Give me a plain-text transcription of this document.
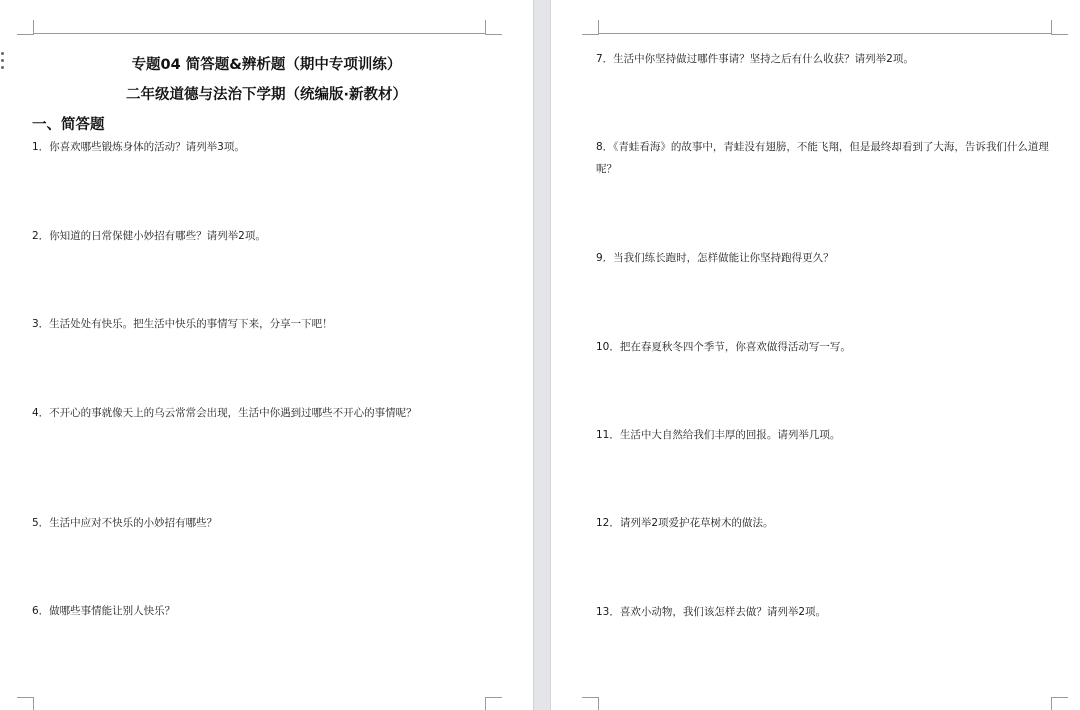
专题04 简答题&辨析题（期中专项训练）
二年级道德与法治下学期（统编版·新教材）
一、简答题
1．你喜欢哪些锻炼身体的活动？请列举3项。
2．你知道的日常保健小妙招有哪些？请列举2项。
3．生活处处有快乐。把生活中快乐的事情写下来，分享一下吧！
4．不开心的事就像天上的乌云常常会出现，生活中你遇到过哪些不开心的事情呢？
5．生活中应对不快乐的小妙招有哪些？
6．做哪些事情能让别人快乐？
7．生活中你坚持做过哪件事请？坚持之后有什么收获？请列举2项。
8．《青蛙看海》的故事中，青蛙没有翅膀，不能飞翔，但是最终却看到了大海，告诉我们什么道理呢？
9．当我们练长跑时，怎样做能让你坚持跑得更久？
10．把在春夏秋冬四个季节，你喜欢做得活动写一写。
11．生活中大自然给我们丰厚的回报。请列举几项。
12．请列举2项爱护花草树木的做法。
13．喜欢小动物，我们该怎样去做？请列举2项。
